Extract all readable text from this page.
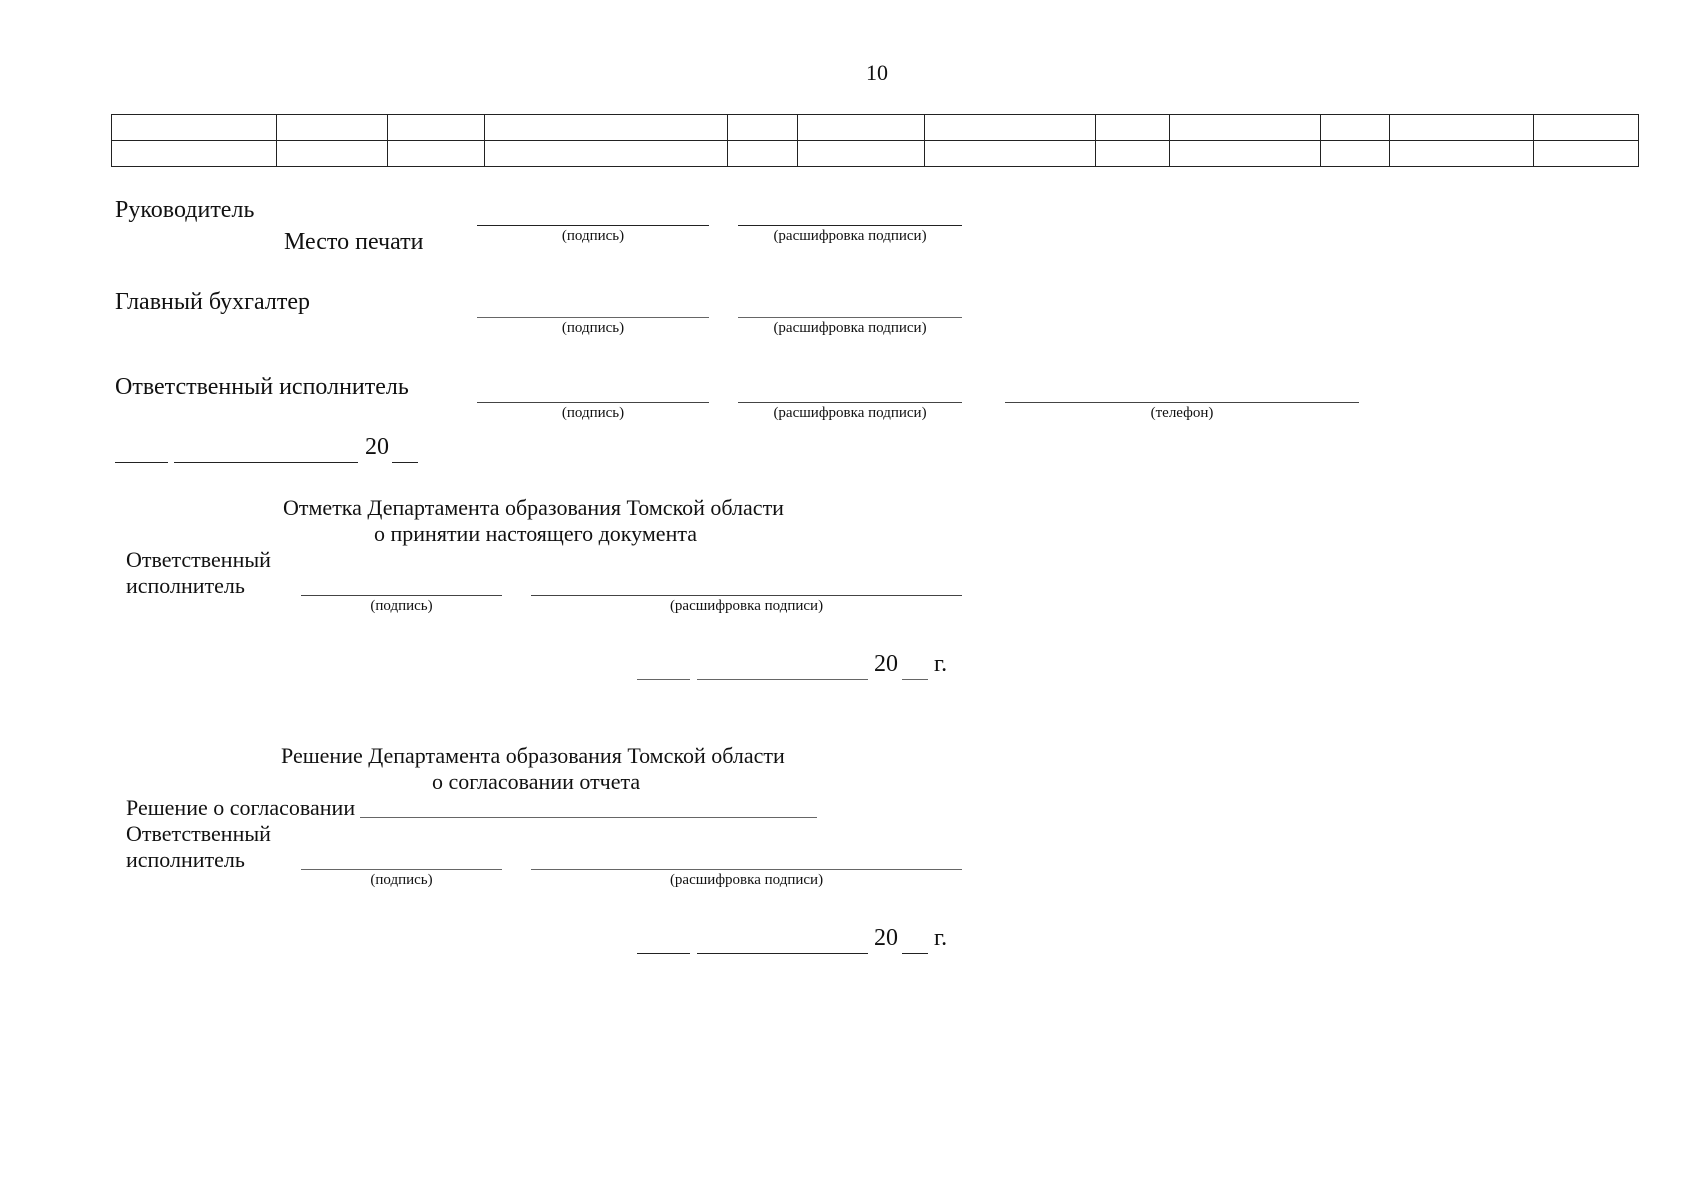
10

Руководитель
Место печати	(подпись)	(расшифровка подписи)
Главный бухгалтер
(подпись)	(расшифровка подписи)
Ответственный исполнитель
(подпись)	(расшифровка подписи)	(телефон)
20
Отметка Департамента образования Томской области
о принятии настоящего документа
Ответственный
исполнитель
(подпись)	(расшифровка подписи)
20 г.
Решение Департамента образования Томской области
о согласовании отчета
Решение о согласовании
Ответственный
исполнитель
(подпись)	(расшифровка подписи)
20 г.
